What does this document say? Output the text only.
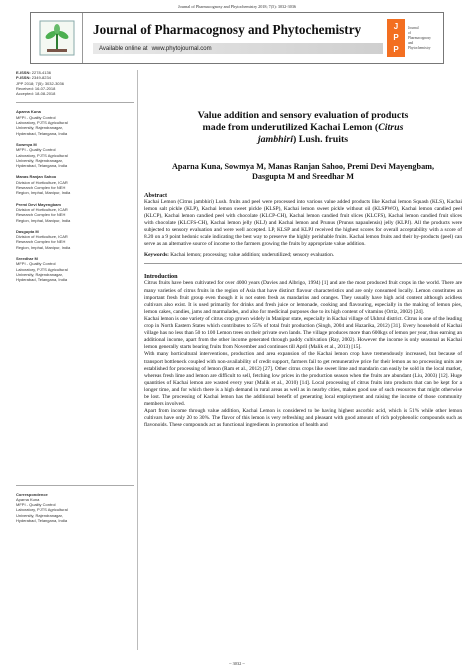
Journal of Pharmacognosy and Phytochemistry 2018; 7(5): 3032-3036
Journal of Pharmacognosy and Phytochemistry
Available online at www.phytojournal.com
J
P
P
Journal
of
Pharmacognosy
and
Phytochemistry
E-ISSN: 2278-4136
P-ISSN: 2349-8234
JPP 2018; 7(5): 3032-3036
Received: 16-07-2018
Accepted: 18-08-2018
Aparna Kuna
MFPI - Quality Control
Laboratory, PJTS Agricultural
University, Rajendranagar,
Hyderabad, Telangana, India
Sowmya M
MFPI - Quality Control
Laboratory, PJTS Agricultural
University, Rajendranagar,
Hyderabad, Telangana, India
Manas Ranjan Sahoo
Division of Horticulture, ICAR
Research Complex for NEH
Region, Imphal, Manipur, India
Premi Devi Mayengbam
Division of Horticulture, ICAR
Research Complex for NEH
Region, Imphal, Manipur, India
Dasgupta M
Division of Horticulture, ICAR
Research Complex for NEH
Region, Imphal, Manipur, India
Sreedhar M
MFPI - Quality Control
Laboratory, PJTS Agricultural
University, Rajendranagar,
Hyderabad, Telangana, India
Correspondence
Aparna Kuna
MFPI - Quality Control
Laboratory, PJTS Agricultural
University, Rajendranagar,
Hyderabad, Telangana, India
Value addition and sensory evaluation of products
made from underutilized Kachai Lemon (Citrus
jambhiri) Lush. fruits
Aparna Kuna, Sowmya M, Manas Ranjan Sahoo, Premi Devi Mayengbam,
Dasgupta M and Sreedhar M
Abstract
Kachai Lemon (Citrus jambhiri) Lush. fruits and peel were processed into various value added products like Kachai lemon Squash (KLS), Kachai lemon salt pickle (KLP), Kachai lemon sweet pickle (KLSP), Kachai lemon sweet pickle without oil (KLSPWO), Kachai lemon candied peel (KLCP), Kachai lemon candied peel with chocolate (KLCP-CH), Kachai lemon candied fruit slices (KLCFS), Kachai lemon candied fruit slices with chocolate (KLCFS-CH), Kachai lemon jelly (KLJ) and Kachai lemon and Prunus (Prunus napaulensis) jelly (KLPJ). All the products were subjected to sensory evaluation and were well accepted. LP, KLSP and KLPJ received the highest scores for overall acceptability with a score of 8.20 on a 9 point hedonic scale indicating the best way to preserve the highly perishable fruits. Kachai lemon fruits and their by-products (peel) can serve as an alternative source of income to the farmers growing the fruits by appropriate value addition.
Keywords: Kachai lemon; processing; value addition; underutilized; sensory evaluation.
Introduction

Citrus fruits have been cultivated for over 4000 years (Davies and Albrigo, 1994) [1] and are the most produced fruit crops in the world. There are many varieties of citrus fruits in the region of Asia that have distinct flavour characteristics and are only consumed locally. Lemon constitutes an important fresh fruit group even though it is not eaten fresh as mandarins and oranges. They usually have high acid content although acidless cultivars also exist. It is used primarily for drinks and fresh juice or lemonade, cooking and flavouring, especially in the making of lemon pies, lemon cakes, candies, jams and marmalades, and also for medicinal purposes due to its high content of vitamins (Ortiz, 2002) [24].

Kachai lemon is one variety of citrus crop grown widely in Manipur state, especially in Kachai village of Ukhrul district. Citrus is one of the leading crop in North Eastern States which contributes to 55% of total fruit production (Singh, 2004 and Hazarika, 2012) [31]. Every household of Kachai village has no less than 50 to 100 Lemon trees on their private own lands. The village produces more than 600kgs of lemon per year, thus earning an additional income, apart from the other income generated through paddy cultivation (Ray, 2002). However the income is only seasonal as Kachai lemon generally starts bearing fruits from November and continues till April (Malik et al., 2013) [15].

With many horticultural interventions, production and area expansion of the Kachai lemon crop have tremendously increased, but because of transport bottleneck coupled with non-availability of credit support, farmers fail to get remunerative price for their lemon as no processing units are established for processing of lemon (Ram et al., 2012) [27]. Other citrus crops like sweet lime and mandarin can easily be sold in the local market, whereas fresh lime and lemon are difficult to sell, fetching low prices in the production season when the fruits are abundant (Liu, 2003) [12]. Huge quantities of Kachai lemon are wasted every year (Malik et al., 2010) [14]. Local processing of citrus fruits into products that can be kept for a longer time, and for which there is a high demand in rural areas as well as in nearby cities, makes good use of such resources that might otherwise be lost. The processing of Kachai lemon has the additional benefit of generating local employment and raising the income of those community members involved.

Apart from income through value addition, Kachai Lemon is considered to be having highest ascorbic acid, which is 51% while other lemon cultivars have only 20 to 30%. The flavor of this lemon is very refreshing and pleasant with good amount of rich polyphenolic compounds such as flavonoids. These compounds act as functional ingredients in promotion of health and

~ 3032 ~
